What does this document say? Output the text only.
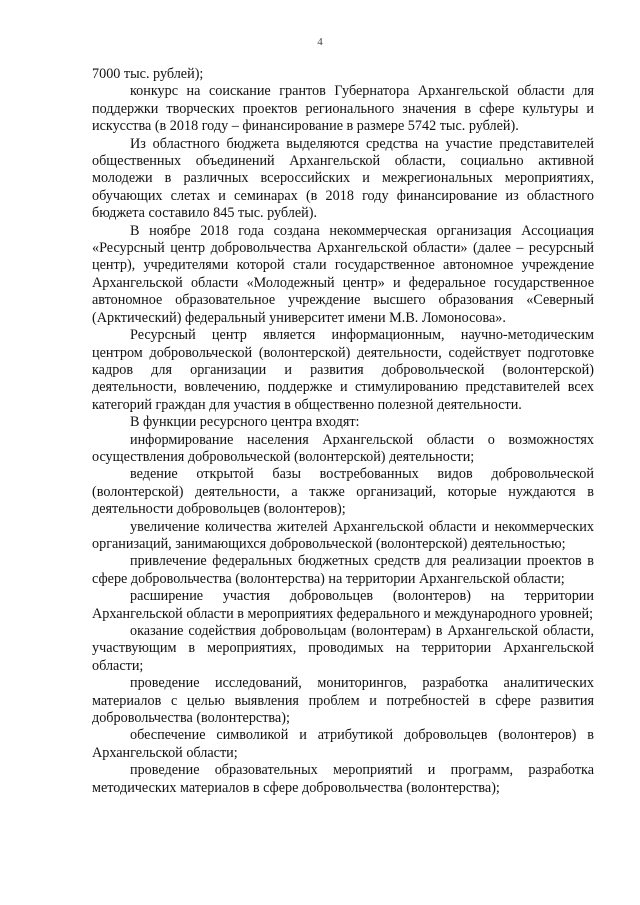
4

7000 тыс. рублей);

конкурс на соискание грантов Губернатора Архангельской области для поддержки творческих проектов регионального значения в сфере культуры и искусства (в 2018 году – финансирование в размере 5742 тыс. рублей).

Из областного бюджета выделяются средства на участие представителей общественных объединений Архангельской области, социально активной молодежи в различных всероссийских и межрегиональных мероприятиях, обучающих слетах и семинарах (в 2018 году финансирование из областного бюджета составило 845 тыс. рублей).

В ноябре 2018 года создана некоммерческая организация Ассоциация «Ресурсный центр добровольчества Архангельской области» (далее – ресурсный центр), учредителями которой стали государственное автономное учреждение Архангельской области «Молодежный центр» и федеральное государственное автономное образовательное учреждение высшего образования «Северный (Арктический) федеральный университет имени М.В. Ломоносова».

Ресурсный центр является информационным, научно-методическим центром добровольческой (волонтерской) деятельности, содействует подготовке кадров для организации и развития добровольческой (волонтерской) деятельности, вовлечению, поддержке и стимулированию представителей всех категорий граждан для участия в общественно полезной деятельности.

В функции ресурсного центра входят:

информирование населения Архангельской области о возможностях осуществления добровольческой (волонтерской) деятельности;

ведение открытой базы востребованных видов добровольческой (волонтерской) деятельности, а также организаций, которые нуждаются в деятельности добровольцев (волонтеров);

увеличение количества жителей Архангельской области и некоммерческих организаций, занимающихся добровольческой (волонтерской) деятельностью;

привлечение федеральных бюджетных средств для реализации проектов в сфере добровольчества (волонтерства) на территории Архангельской области;

расширение участия добровольцев (волонтеров) на территории Архангельской области в мероприятиях федерального и международного уровней;

оказание содействия добровольцам (волонтерам) в Архангельской области, участвующим в мероприятиях, проводимых на территории Архангельской области;

проведение исследований, мониторингов, разработка аналитических материалов с целью выявления проблем и потребностей в сфере развития добровольчества (волонтерства);

обеспечение символикой и атрибутикой добровольцев (волонтеров) в Архангельской области;

проведение образовательных мероприятий и программ, разработка методических материалов в сфере добровольчества (волонтерства);
